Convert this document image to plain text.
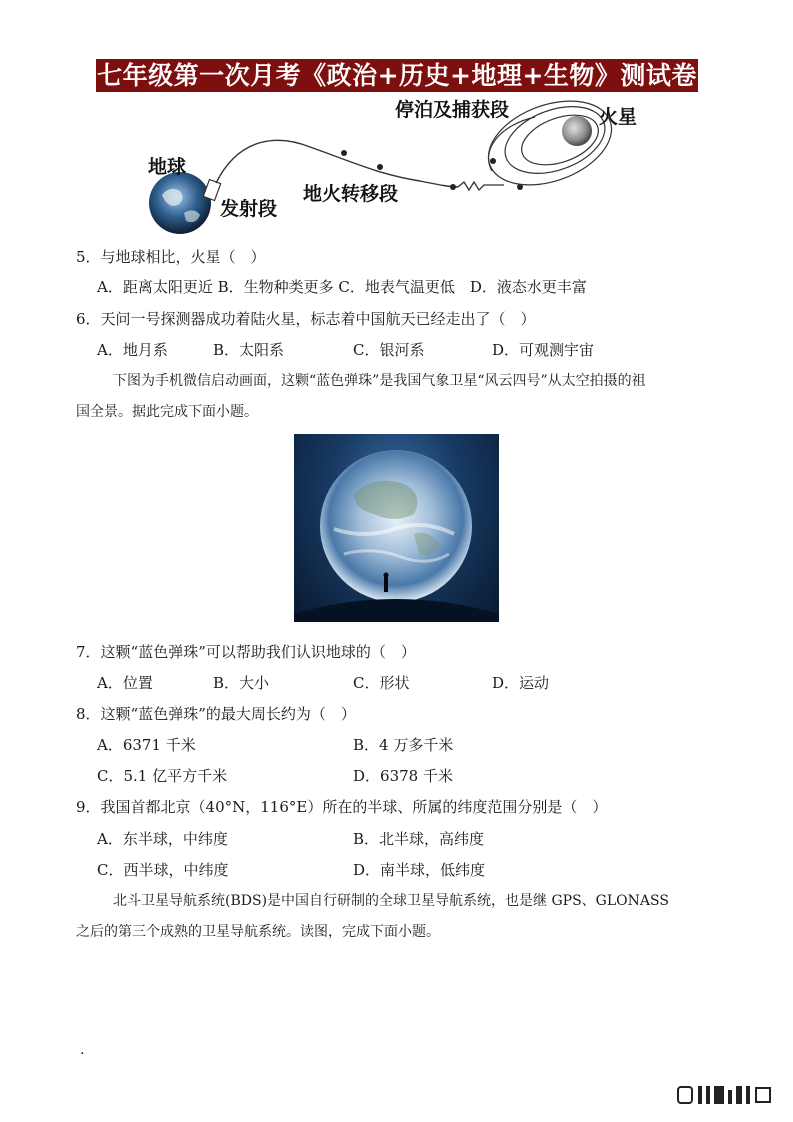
七年级第一次月考《政治+历史+地理+生物》测试卷
地球
发射段
地火转移段
停泊及捕获段	火星
5．与地球相比，火星（　）
A．距离太阳更近 B．生物种类更多 C．地表气温更低　D．液态水更丰富
6．天问一号探测器成功着陆火星，标志着中国航天已经走出了（　）
A．地月系	B．太阳系	C．银河系	D．可观测宇宙
下图为手机微信启动画面，这颗“蓝色弹珠”是我国气象卫星“风云四号”从太空拍摄的祖
国全景。据此完成下面小题。
7．这颗“蓝色弹珠”可以帮助我们认识地球的（　）
A．位置	B．大小	C．形状	D．运动
8．这颗“蓝色弹珠”的最大周长约为（　）
A．6371 千米	B．4 万多千米
C．5.1 亿平方千米	D．6378 千米
9．我国首都北京（40°N，116°E）所在的半球、所属的纬度范围分别是（　）
A．东半球，中纬度	B．北半球，高纬度
C．西半球，中纬度	D．南半球，低纬度
北斗卫星导航系统(BDS)是中国自行研制的全球卫星导航系统，也是继 GPS、GLONASS
之后的第三个成熟的卫星导航系统。读图，完成下面小题。
.
